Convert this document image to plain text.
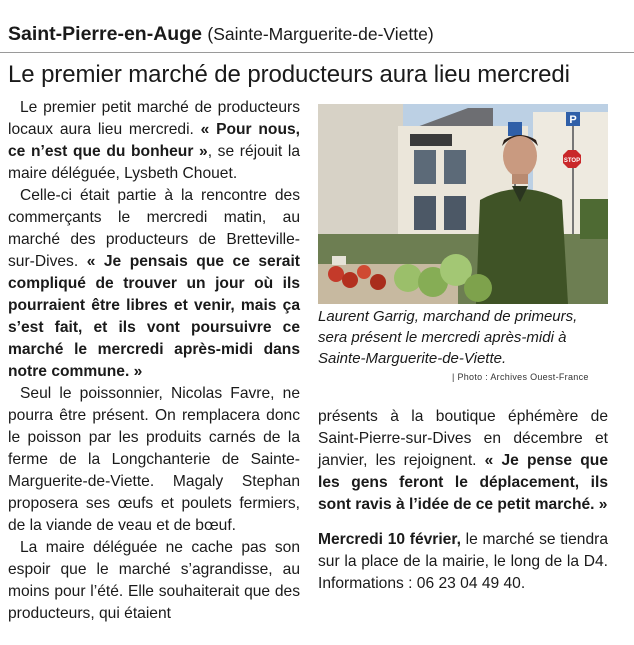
Saint-Pierre-en-Auge (Sainte-Marguerite-de-Viette)
Le premier marché de producteurs aura lieu mercredi

Le premier petit marché de producteurs locaux aura lieu mercredi. « Pour nous, ce n’est que du bonheur », se réjouit la maire déléguée, Lysbeth Chouet.

Celle-ci était partie à la rencontre des commerçants le mercredi matin, au marché des producteurs de Bretteville-sur-Dives. « Je pensais que ce serait compliqué de trouver un jour où ils pourraient être libres et venir, mais ça s’est fait, et ils vont poursuivre ce marché le mercredi après-midi dans notre commune. »

Seul le poissonnier, Nicolas Favre, ne pourra être présent. On remplacera donc le poisson par les produits carnés de la ferme de la Longchanterie de Sainte-Marguerite-de-Viette. Magaly Stephan proposera ses œufs et poulets fermiers, de la viande de veau et de bœuf.

La maire déléguée ne cache pas son espoir que le marché s’agrandisse, au moins pour l’été. Elle souhaiterait que des producteurs, qui étaient

P
STOP
Laurent Garrig, marchand de primeurs, sera présent le mercredi après-midi à Sainte-Marguerite-de-Viette.
| Photo : Archives Ouest-France

présents à la boutique éphémère de Saint-Pierre-sur-Dives en décembre et janvier, les rejoignent. « Je pense que les gens feront le déplacement, ils sont ravis à l’idée de ce petit marché. »

Mercredi 10 février, le marché se tiendra sur la place de la mairie, le long de la D4. Informations : 06 23 04 49 40.
